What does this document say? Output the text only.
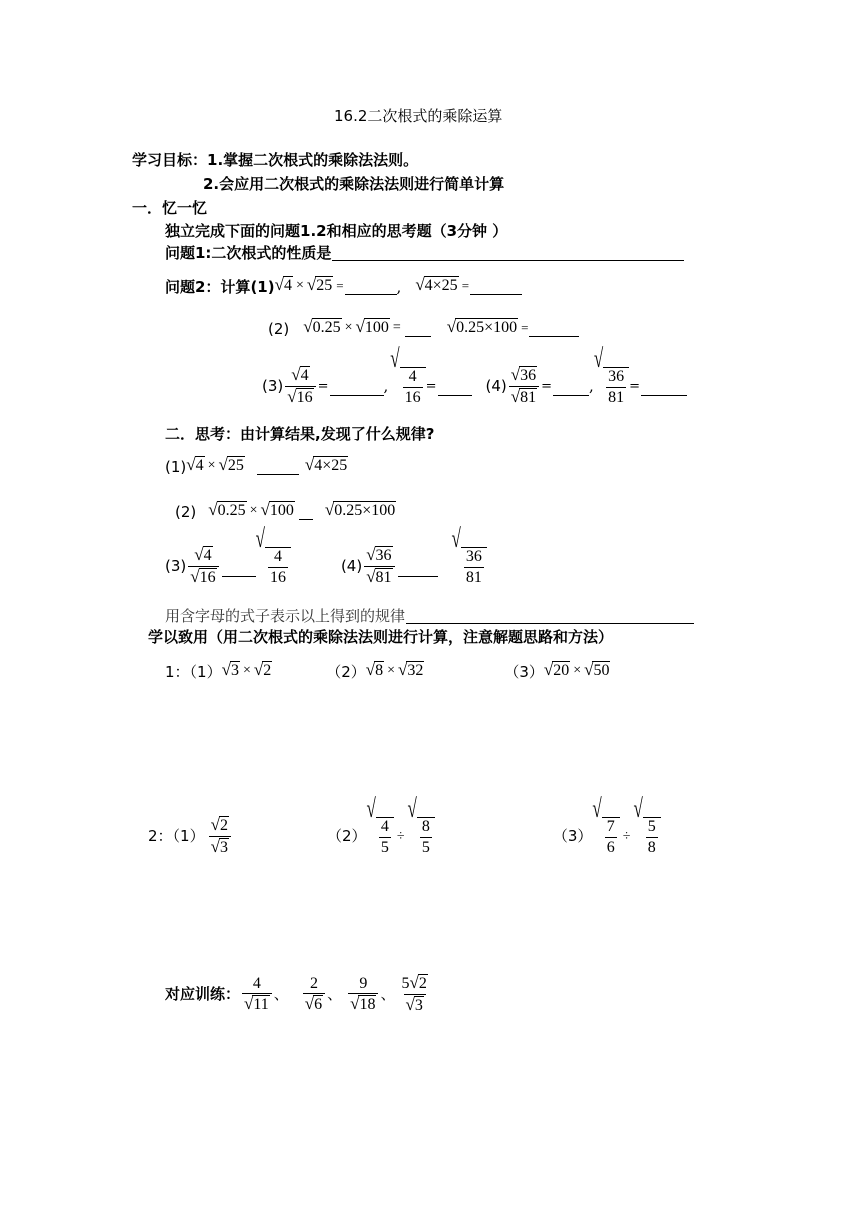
16.2二次根式的乘除运算
学习目标：1.掌握二次根式的乘除法法则。
2.会应用二次根式的乘除法法则进行简单计算
一．忆一忆
独立完成下面的问题1.2和相应的思考题（3分钟 ）
问题1:二次根式的性质是
问题2：计算(1) √ 4 × √ 25 =	, √ 4×25 =
(2) √ 0.25 × √ 100 =	√ 0.25×100 =
$(3) \frac{√ 4}{√ 16}$ =	,
√
$\frac{4}{16}$ =	$(4) \frac{√ 36}{√ 81}$ = ,
√
$\frac{36}{81}$ =
二．思考：由计算结果,发现了什么规律?
(1) √ 4 × √ 25	√ 4×25
(2) √ 0.25 × √ 100 √ 0.25×100
$(3) \frac{√ 4}{√ 16}$
√
$\frac{4}{16}$	$(4) \frac{√ 36}{√ 81}$
√
$\frac{36}{81}$
用含字母的式子表示以上得到的规律
学以致用（用二次根式的乘除法法则进行计算，注意解题思路和方法）
1：（1） √ 3 × √ 2	（2） √ 8 × √ 32	（3） √ 20 × √ 50
2：$(1) \frac{√ 2}{√ 3}$	（2）
√
$\frac{4}{5}$ ÷
√
$\frac{8}{5}$	（3）
√
$\frac{7}{6}$ ÷
√
$\frac{5}{8}$
对应训练： $\frac{4}{√ 11}$ 、 $\frac{2}{√ 6}$ 、 $\frac{9}{√ 18}$ 、 $\frac{5 √ 2}{√ 3}$
